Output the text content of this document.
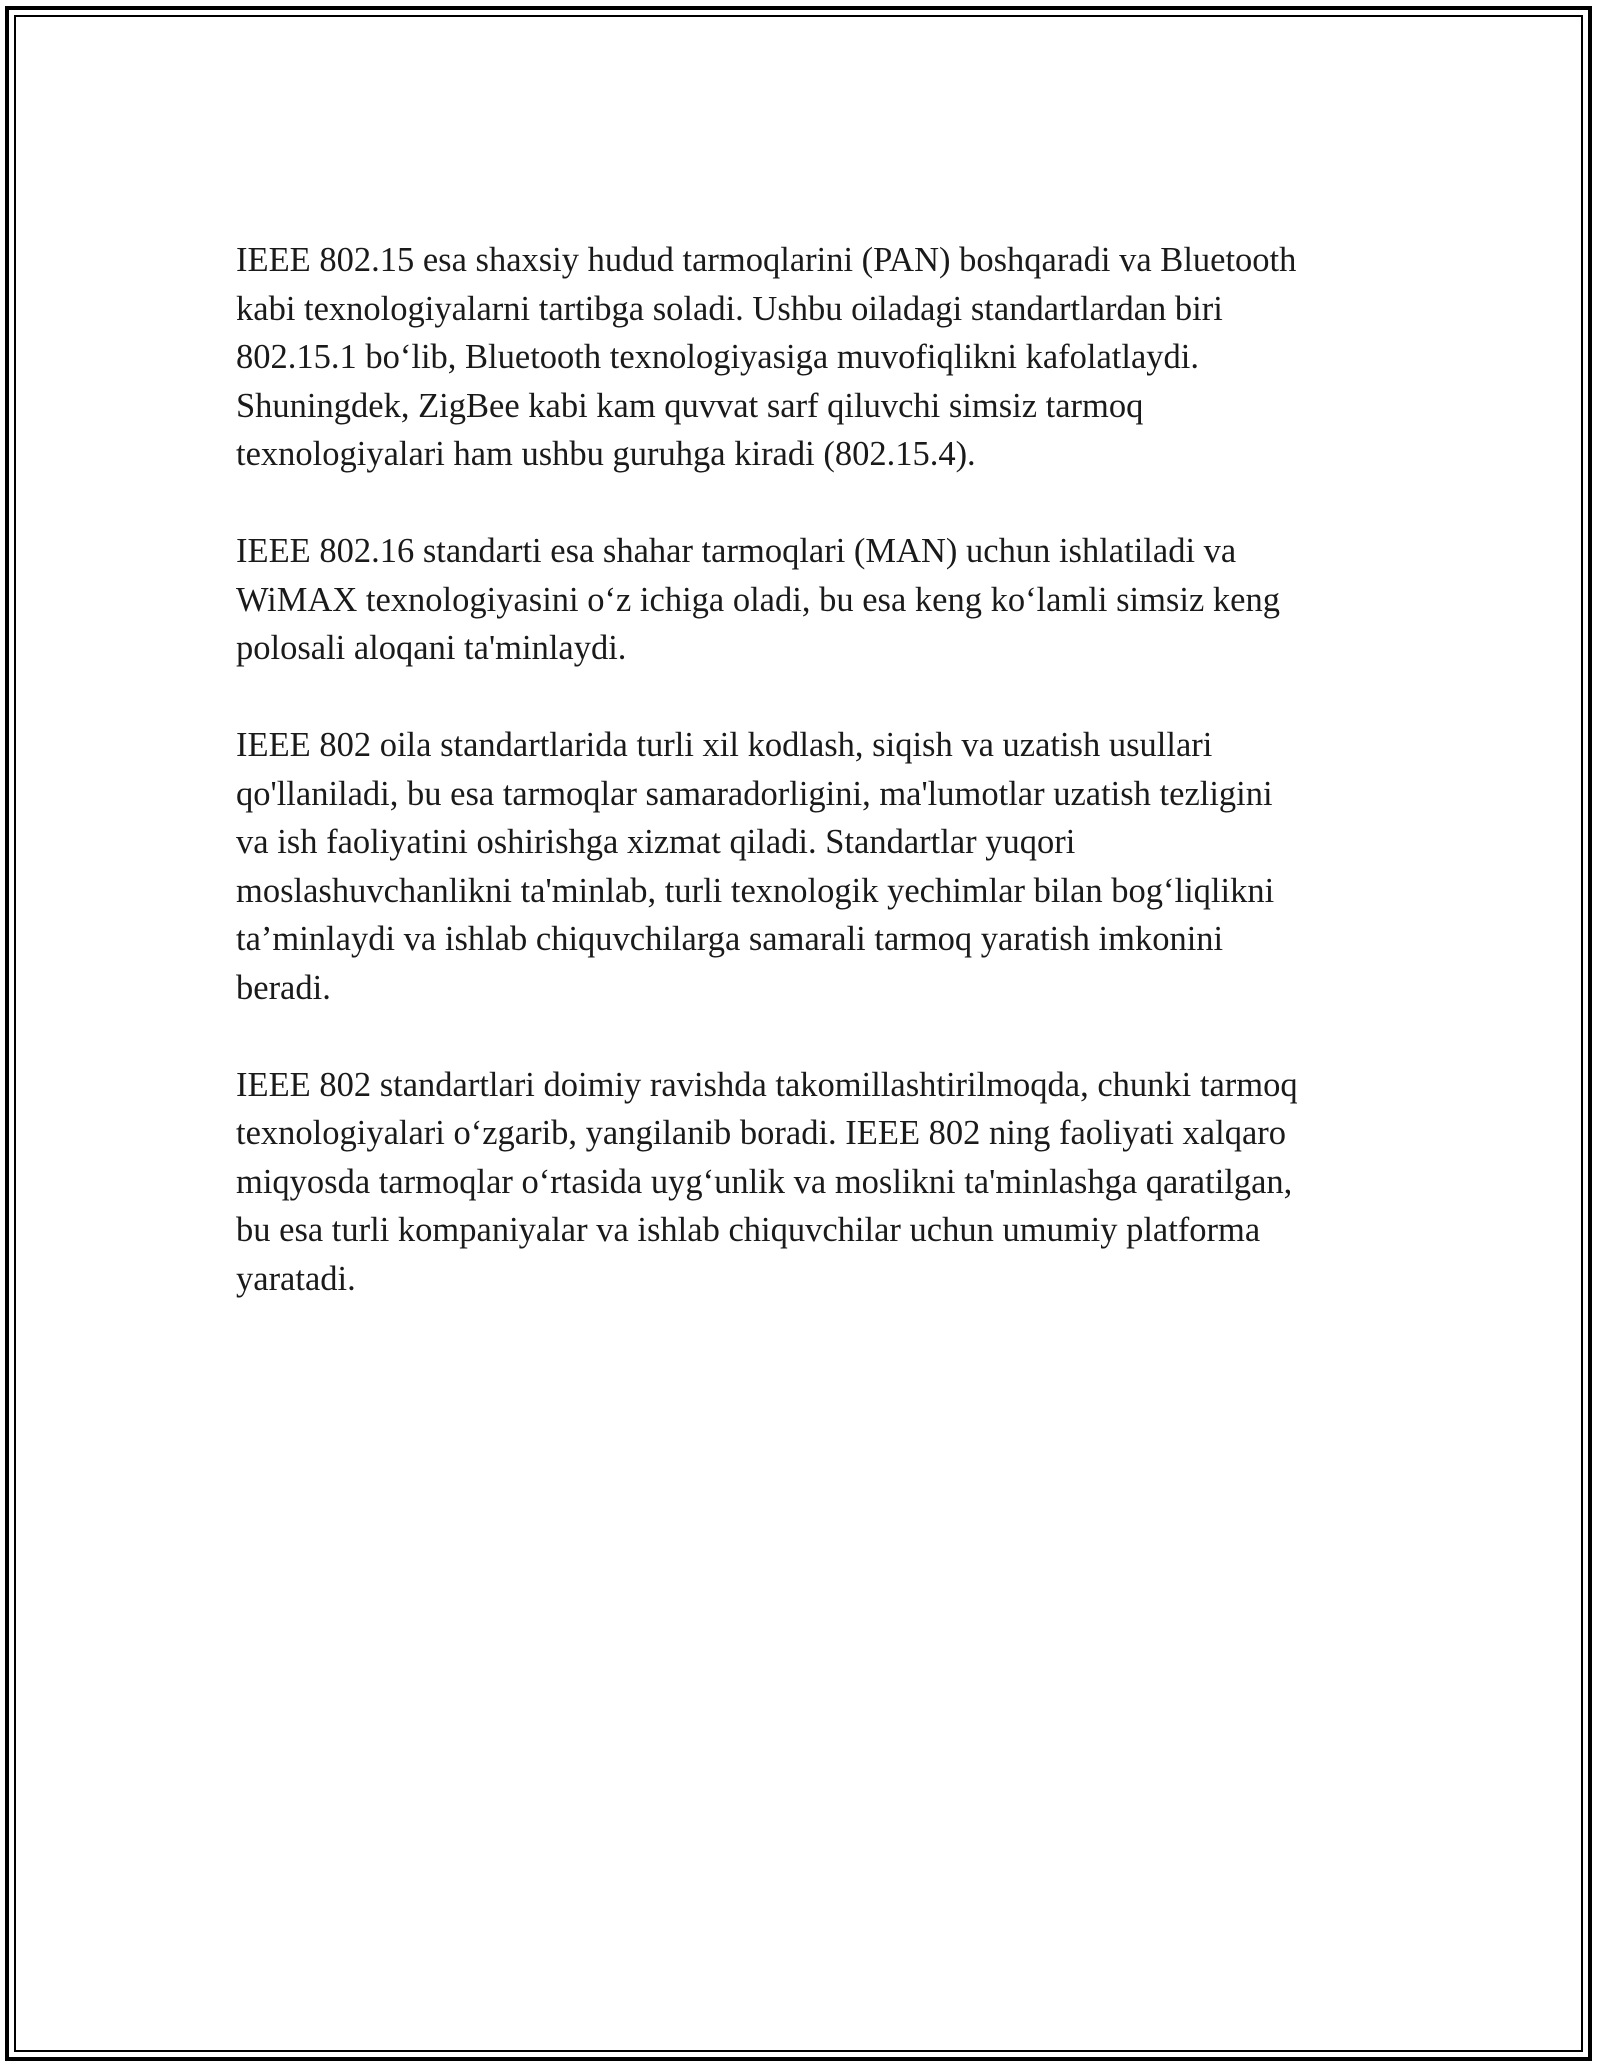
IEEE 802.15 esa shaxsiy hudud tarmoqlarini (PAN) boshqaradi va Bluetooth
kabi texnologiyalarni tartibga soladi. Ushbu oiladagi standartlardan biri
802.15.1 bo‘lib, Bluetooth texnologiyasiga muvofiqlikni kafolatlaydi.
Shuningdek, ZigBee kabi kam quvvat sarf qiluvchi simsiz tarmoq
texnologiyalari ham ushbu guruhga kiradi (802.15.4).

IEEE 802.16 standarti esa shahar tarmoqlari (MAN) uchun ishlatiladi va
WiMAX texnologiyasini o‘z ichiga oladi, bu esa keng ko‘lamli simsiz keng
polosali aloqani ta'minlaydi.

IEEE 802 oila standartlarida turli xil kodlash, siqish va uzatish usullari
qo'llaniladi, bu esa tarmoqlar samaradorligini, ma'lumotlar uzatish tezligini
va ish faoliyatini oshirishga xizmat qiladi. Standartlar yuqori
moslashuvchanlikni ta'minlab, turli texnologik yechimlar bilan bog‘liqlikni
ta’minlaydi va ishlab chiquvchilarga samarali tarmoq yaratish imkonini
beradi.

IEEE 802 standartlari doimiy ravishda takomillashtirilmoqda, chunki tarmoq
texnologiyalari o‘zgarib, yangilanib boradi. IEEE 802 ning faoliyati xalqaro
miqyosda tarmoqlar o‘rtasida uyg‘unlik va moslikni ta'minlashga qaratilgan,
bu esa turli kompaniyalar va ishlab chiquvchilar uchun umumiy platforma
yaratadi.
